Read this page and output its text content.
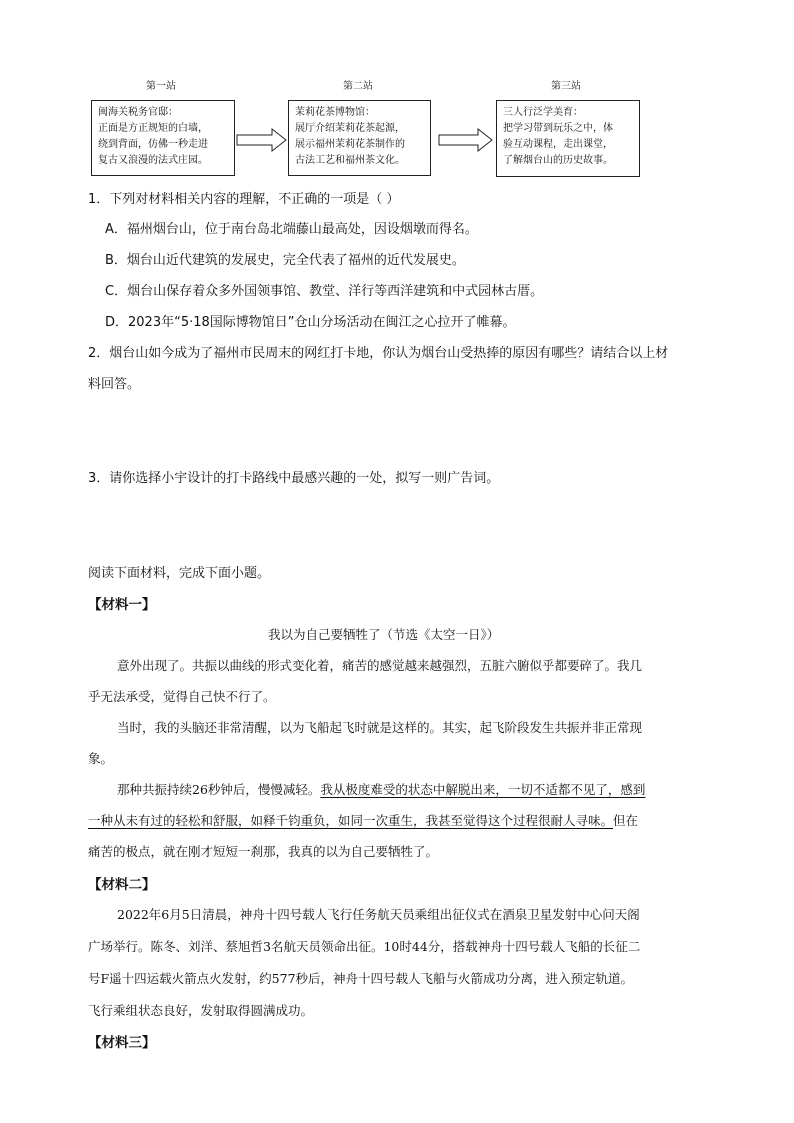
第一站	第二站	第三站
闽海关税务官邸：
正面是方正规矩的白墙，
绕到背面，仿佛一秒走进
复古又浪漫的法式庄园。
茉莉花茶博物馆：
展厅介绍茉莉花茶起源，
展示福州茉莉花茶制作的
古法工艺和福州茶文化。
三人行泛学美育：
把学习带到玩乐之中，体
验互动课程，走出课堂，
了解烟台山的历史故事。
1．下列对材料相关内容的理解，不正确的一项是（ ）
A．福州烟台山，位于南台岛北端藤山最高处，因设烟墩而得名。
B．烟台山近代建筑的发展史，完全代表了福州的近代发展史。
C．烟台山保存着众多外国领事馆、教堂、洋行等西洋建筑和中式园林古厝。
D．2023年“5·18国际博物馆日”仓山分场活动在闽江之心拉开了帷幕。
2．烟台山如今成为了福州市民周末的网红打卡地，你认为烟台山受热捧的原因有哪些？请结合以上材
料回答。
3．请你选择小宇设计的打卡路线中最感兴趣的一处，拟写一则广告词。
阅读下面材料，完成下面小题。
【材料一】
我以为自己要牺牲了（节选《太空一日》）
意外出现了。共振以曲线的形式变化着，痛苦的感觉越来越强烈，五脏六腑似乎都要碎了。我几
乎无法承受，觉得自己快不行了。
当时，我的头脑还非常清醒，以为飞船起飞时就是这样的。其实，起飞阶段发生共振并非正常现
象。
那种共振持续26秒钟后，慢慢减轻。我从极度难受的状态中解脱出来，一切不适都不见了，感到
一种从未有过的轻松和舒服，如释千钧重负，如同一次重生，我甚至觉得这个过程很耐人寻味。但在
痛苦的极点，就在刚才短短一刹那，我真的以为自己要牺牲了。
【材料二】
2022年6月5日清晨，神舟十四号载人飞行任务航天员乘组出征仪式在酒泉卫星发射中心问天阁
广场举行。陈冬、刘洋、蔡旭哲3名航天员领命出征。10时44分，搭载神舟十四号载人飞船的长征二
号F遥十四运载火箭点火发射，约577秒后，神舟十四号载人飞船与火箭成功分离，进入预定轨道。
飞行乘组状态良好，发射取得圆满成功。
【材料三】
